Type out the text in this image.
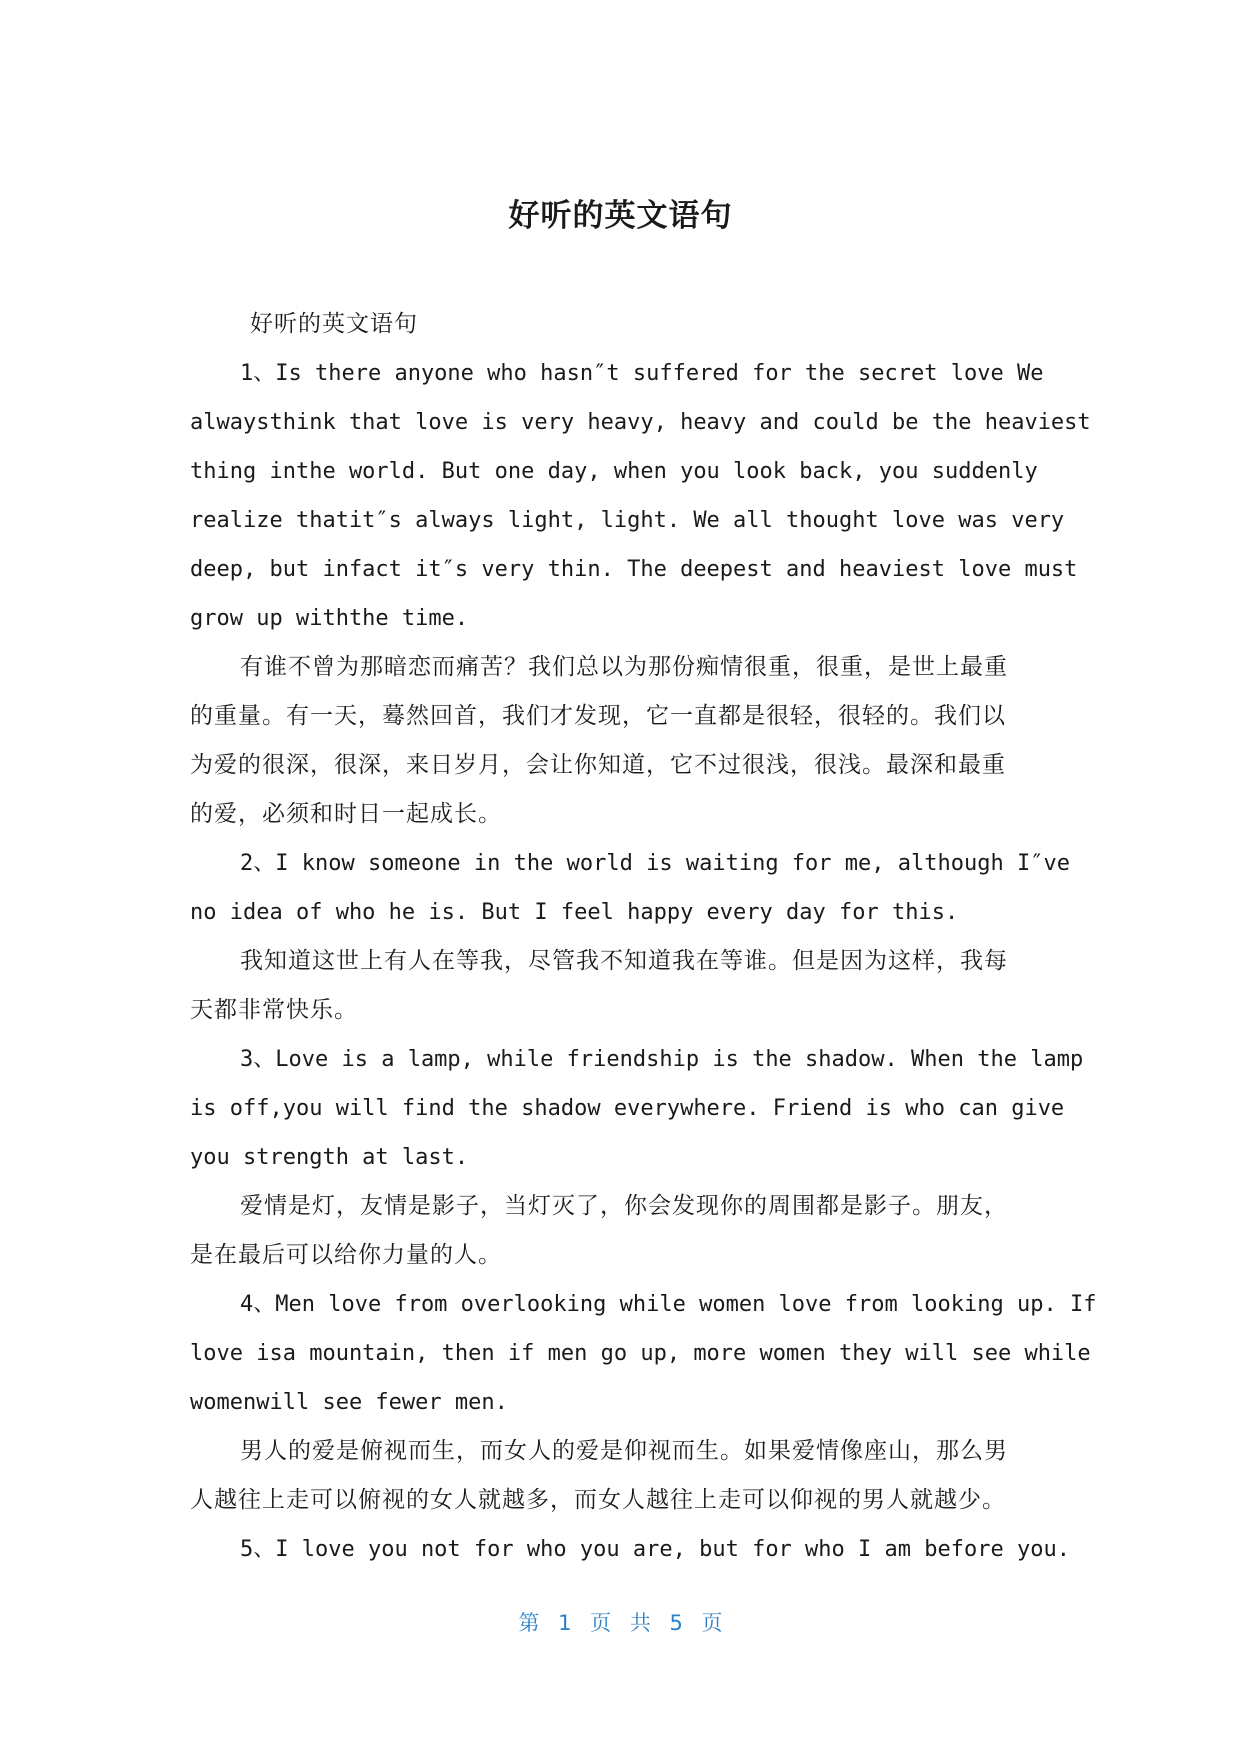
好听的英文语句
好听的英文语句
1、Is there anyone who hasn″t suffered for the secret love We
alwaysthink that love is very heavy, heavy and could be the heaviest
thing inthe world. But one day, when you look back, you suddenly
realize thatit″s always light, light. We all thought love was very
deep, but infact it″s very thin. The deepest and heaviest love must
grow up withthe time.
有谁不曾为那暗恋而痛苦？我们总以为那份痴情很重，很重，是世上最重
的重量。有一天，蓦然回首，我们才发现，它一直都是很轻，很轻的。我们以
为爱的很深，很深，来日岁月，会让你知道，它不过很浅，很浅。最深和最重
的爱，必须和时日一起成长。
2、I know someone in the world is waiting for me, although I″ve
no idea of who he is. But I feel happy every day for this.
我知道这世上有人在等我，尽管我不知道我在等谁。但是因为这样，我每
天都非常快乐。
3、Love is a lamp, while friendship is the shadow. When the lamp
is off,you will find the shadow everywhere. Friend is who can give
you strength at last.
爱情是灯，友情是影子，当灯灭了，你会发现你的周围都是影子。朋友，
是在最后可以给你力量的人。
4、Men love from overlooking while women love from looking up. If
love isa mountain, then if men go up, more women they will see while
womenwill see fewer men.
男人的爱是俯视而生，而女人的爱是仰视而生。如果爱情像座山，那么男
人越往上走可以俯视的女人就越多，而女人越往上走可以仰视的男人就越少。
5、I love you not for who you are, but for who I am before you.
第 1 页 共 5 页
